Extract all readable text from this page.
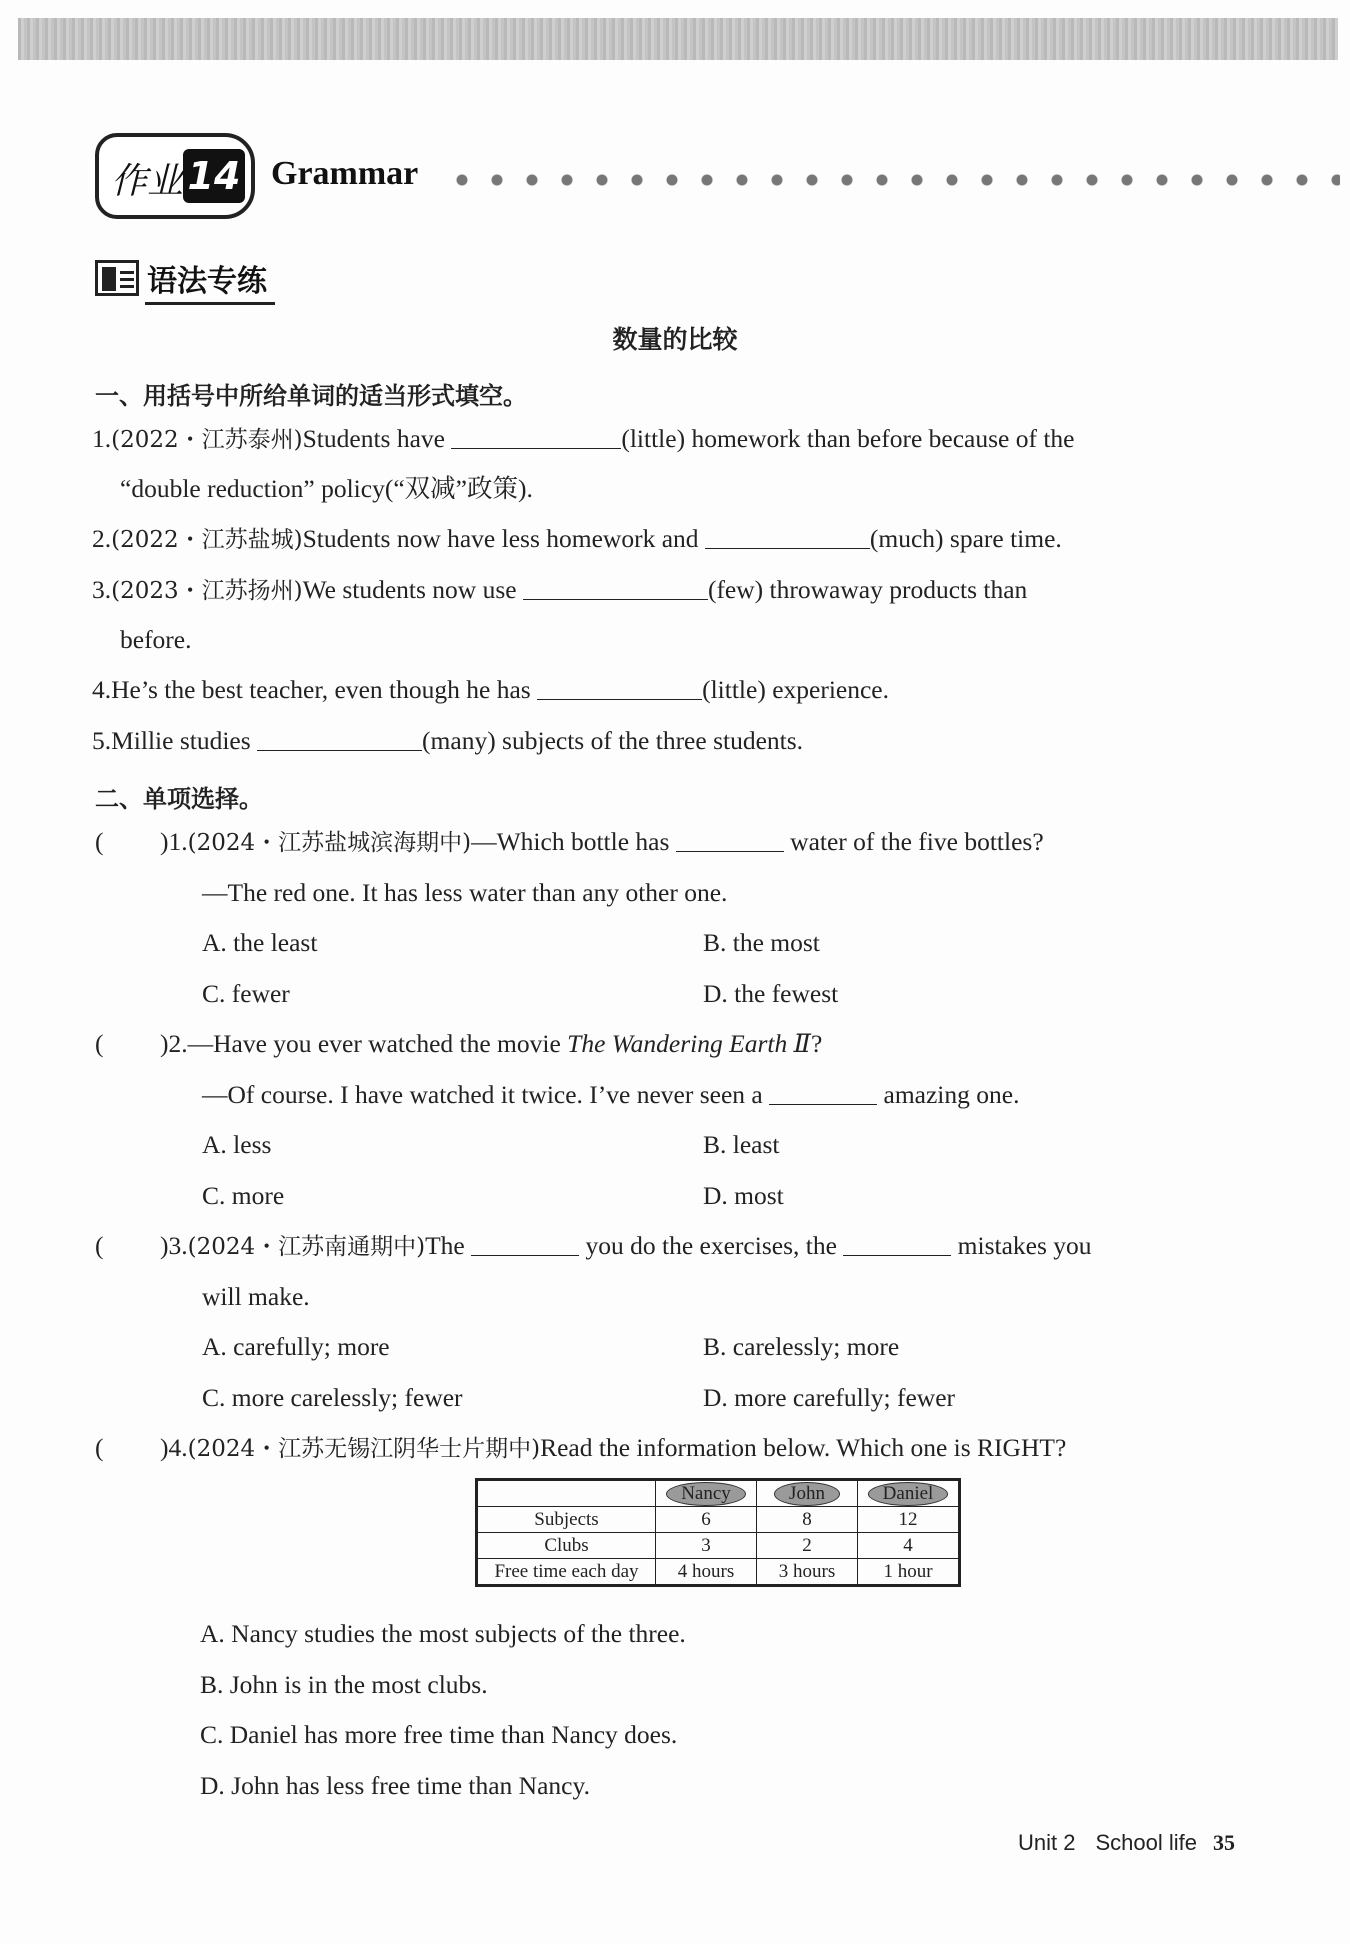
作业 14 Grammar
语法专练
数量的比较
一、用括号中所给单词的适当形式填空。
1.(2022・江苏泰州)Students have	(little) homework than before because of the
“double reduction” policy(“双减”政策).
2.(2022・江苏盐城)Students now have less homework and	(much) spare time.
3.(2023・江苏扬州)We students now use	(few) throwaway products than
before.
4.He’s the best teacher, even though he has	(little) experience.
5.Millie studies	(many) subjects of the three students.
二、单项选择。
( )1.(2024・江苏盐城滨海期中)—Which bottle has	water of the five bottles?
—The red one. It has less water than any other one.
A. the least	B. the most
C. fewer	D. the fewest
( )2.—Have you ever watched the movie The Wandering Earth Ⅱ?
—Of course. I have watched it twice. I’ve never seen a	amazing one.
A. less	B. least
C. more	D. most
( )3.(2024・江苏南通期中)The	you do the exercises, the	mistakes you
will make.
A. carefully; more	B. carelessly; more
C. more carelessly; fewer	D. more carefully; fewer
( )4.(2024・江苏无锡江阴华士片期中)Read the information below. Which one is RIGHT?
	Nancy	John	Daniel
Subjects	6	8	12
Clubs	3	2	4
Free time each day	4 hours	3 hours	1 hour
A. Nancy studies the most subjects of the three.
B. John is in the most clubs.
C. Daniel has more free time than Nancy does.
D. John has less free time than Nancy.
Unit 2 School life 35
